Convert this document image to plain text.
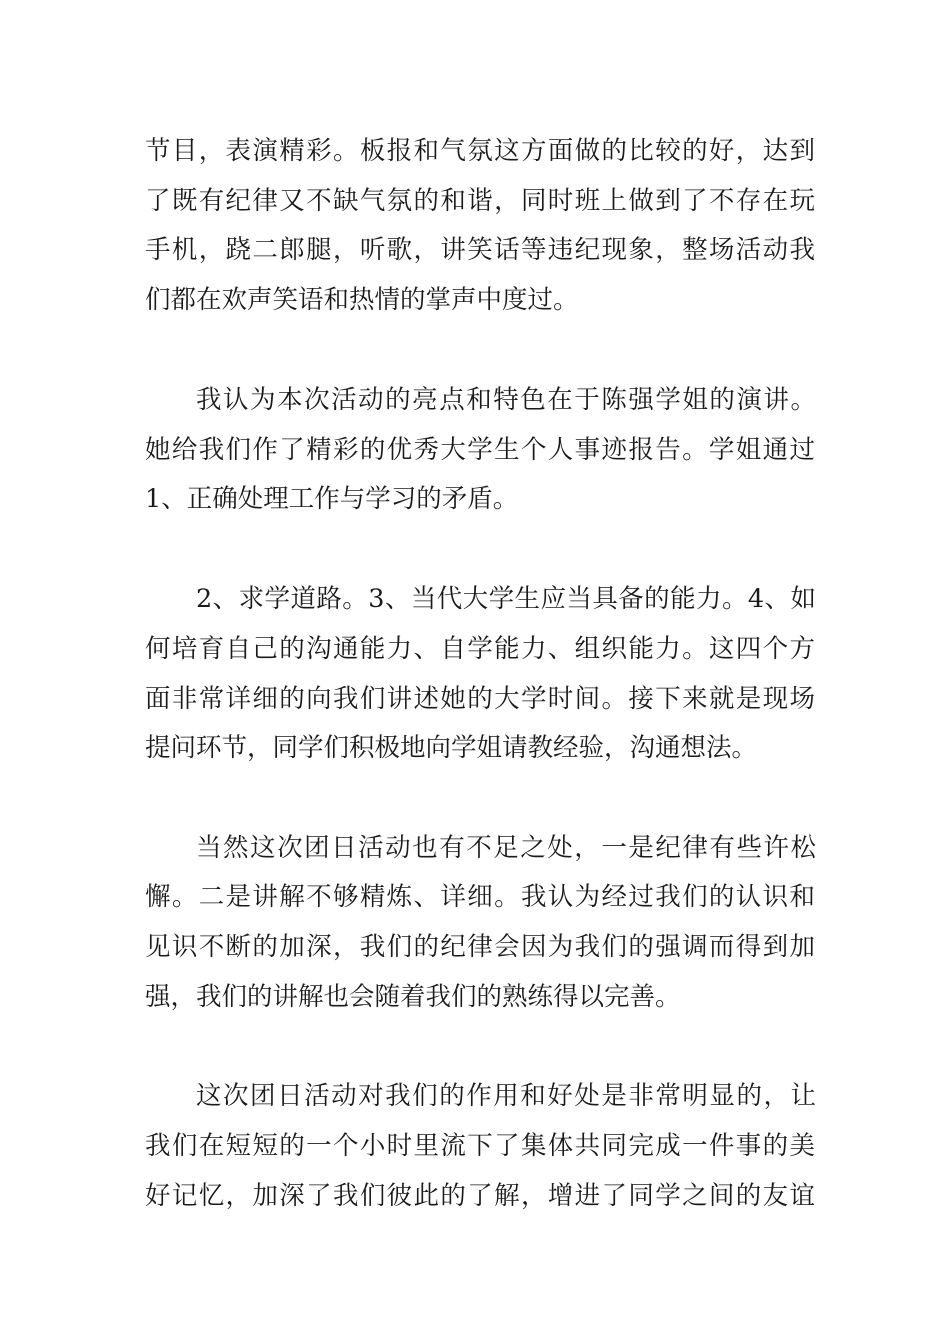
节目，表演精彩。板报和气氛这方面做的比较的好，达到

了既有纪律又不缺气氛的和谐，同时班上做到了不存在玩

手机，跷二郎腿，听歌，讲笑话等违纪现象，整场活动我

们都在欢声笑语和热情的掌声中度过。

我认为本次活动的亮点和特色在于陈强学姐的演讲。

她给我们作了精彩的优秀大学生个人事迹报告。学姐通过

1、正确处理工作与学习的矛盾。

2、求学道路。3、当代大学生应当具备的能力。4、如

何培育自己的沟通能力、自学能力、组织能力。这四个方

面非常详细的向我们讲述她的大学时间。接下来就是现场

提问环节，同学们积极地向学姐请教经验，沟通想法。

当然这次团日活动也有不足之处，一是纪律有些许松

懈。二是讲解不够精炼、详细。我认为经过我们的认识和

见识不断的加深，我们的纪律会因为我们的强调而得到加

强，我们的讲解也会随着我们的熟练得以完善。

这次团日活动对我们的作用和好处是非常明显的，让

我们在短短的一个小时里流下了集体共同完成一件事的美

好记忆，加深了我们彼此的了解，增进了同学之间的友谊
